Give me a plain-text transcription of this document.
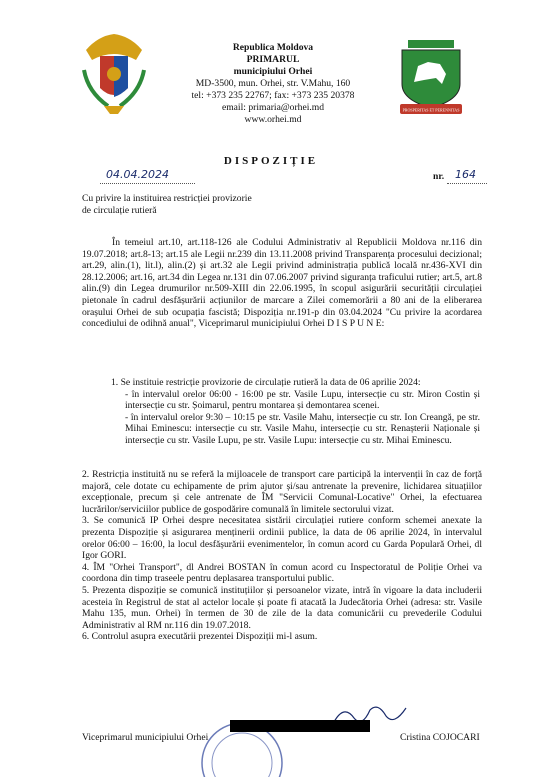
PROSPERITAS ET PERENNITAS
Republica Moldova
PRIMARUL
municipiului Orhei
MD-3500, mun. Orhei, str. V.Mahu, 160
tel: +373 235 22767; fax: +373 235 20378
email: primaria@orhei.md
www.orhei.md
DISPOZIȚIE
04.04.2024	nr. 164
Cu privire la instituirea restricției provizorie
de circulație rutieră
În temeiul art.10, art.118-126 ale Codului Administrativ al Republicii Moldova nr.116 din 19.07.2018; art.8-13; art.15 ale Legii nr.239 din 13.11.2008 privind Transparența procesului decizional; art.29, alin.(1), lit.l), alin.(2) și art.32 ale Legii privind administrația publică locală nr.436-XVI din 28.12.2006; art.16, art.34 din Legea nr.131 din 07.06.2007 privind siguranța traficului rutier; art.5, art.8 alin.(9) din Legea drumurilor nr.509-XIII din 22.06.1995, în scopul asigurării securității circulației pietonale în cadrul desfășurării acțiunilor de marcare a Zilei comemorării a 80 ani de la eliberarea orașului Orhei de sub ocupația fascistă; Dispoziția nr.191-p din 03.04.2024 "Cu privire la acordarea concediului de odihnă anual", Viceprimarul municipiului Orhei D I S P U N E:
1. Se instituie restricție provizorie de circulație rutieră la data de 06 aprilie 2024:
- în intervalul orelor 06:00 - 16:00 pe str. Vasile Lupu, intersecție cu str. Miron Costin și intersecție cu str. Șoimarul, pentru montarea și demontarea scenei.
- în intervalul orelor 9:30 – 10:15 pe str. Vasile Mahu, intersecție cu str. Ion Creangă, pe str. Mihai Eminescu: intersecție cu str. Vasile Mahu, intersecție cu str. Renașterii Naționale și intersecție cu str. Vasile Lupu, pe str. Vasile Lupu: intersecție cu str. Mihai Eminescu.
2. Restricția instituită nu se referă la mijloacele de transport care participă la intervenții în caz de forță majoră, cele dotate cu echipamente de prim ajutor și/sau antrenate la prevenire, lichidarea situațiilor excepționale, precum și cele antrenate de ÎM "Servicii Comunal-Locative" Orhei, la efectuarea lucrărilor/serviciilor publice de gospodărire comunală în limitele sectorului vizat.
3. Se comunică IP Orhei despre necesitatea sistării circulației rutiere conform schemei anexate la prezenta Dispoziție și asigurarea menținerii ordinii publice, la data de 06 aprilie 2024, în intervalul orelor 06:00 – 16:00, la locul desfășurării evenimentelor, în comun acord cu Garda Populară Orhei, dl Igor GORI.
4. ÎM "Orhei Transport", dl Andrei BOSTAN în comun acord cu Inspectoratul de Poliție Orhei va coordona din timp traseele pentru deplasarea transportului public.
5. Prezenta dispoziție se comunică instituțiilor și persoanelor vizate, intră în vigoare la data includerii acesteia în Registrul de stat al actelor locale și poate fi atacată la Judecătoria Orhei (adresa: str. Vasile Mahu 135, mun. Orhei) în termen de 30 de zile de la data comunicării cu prevederile Codului Administrativ al RM nr.116 din 19.07.2018.
6. Controlul asupra executării prezentei Dispoziții mi-l asum.
Viceprimarul municipiului Orhei	Cristina COJOCARI
